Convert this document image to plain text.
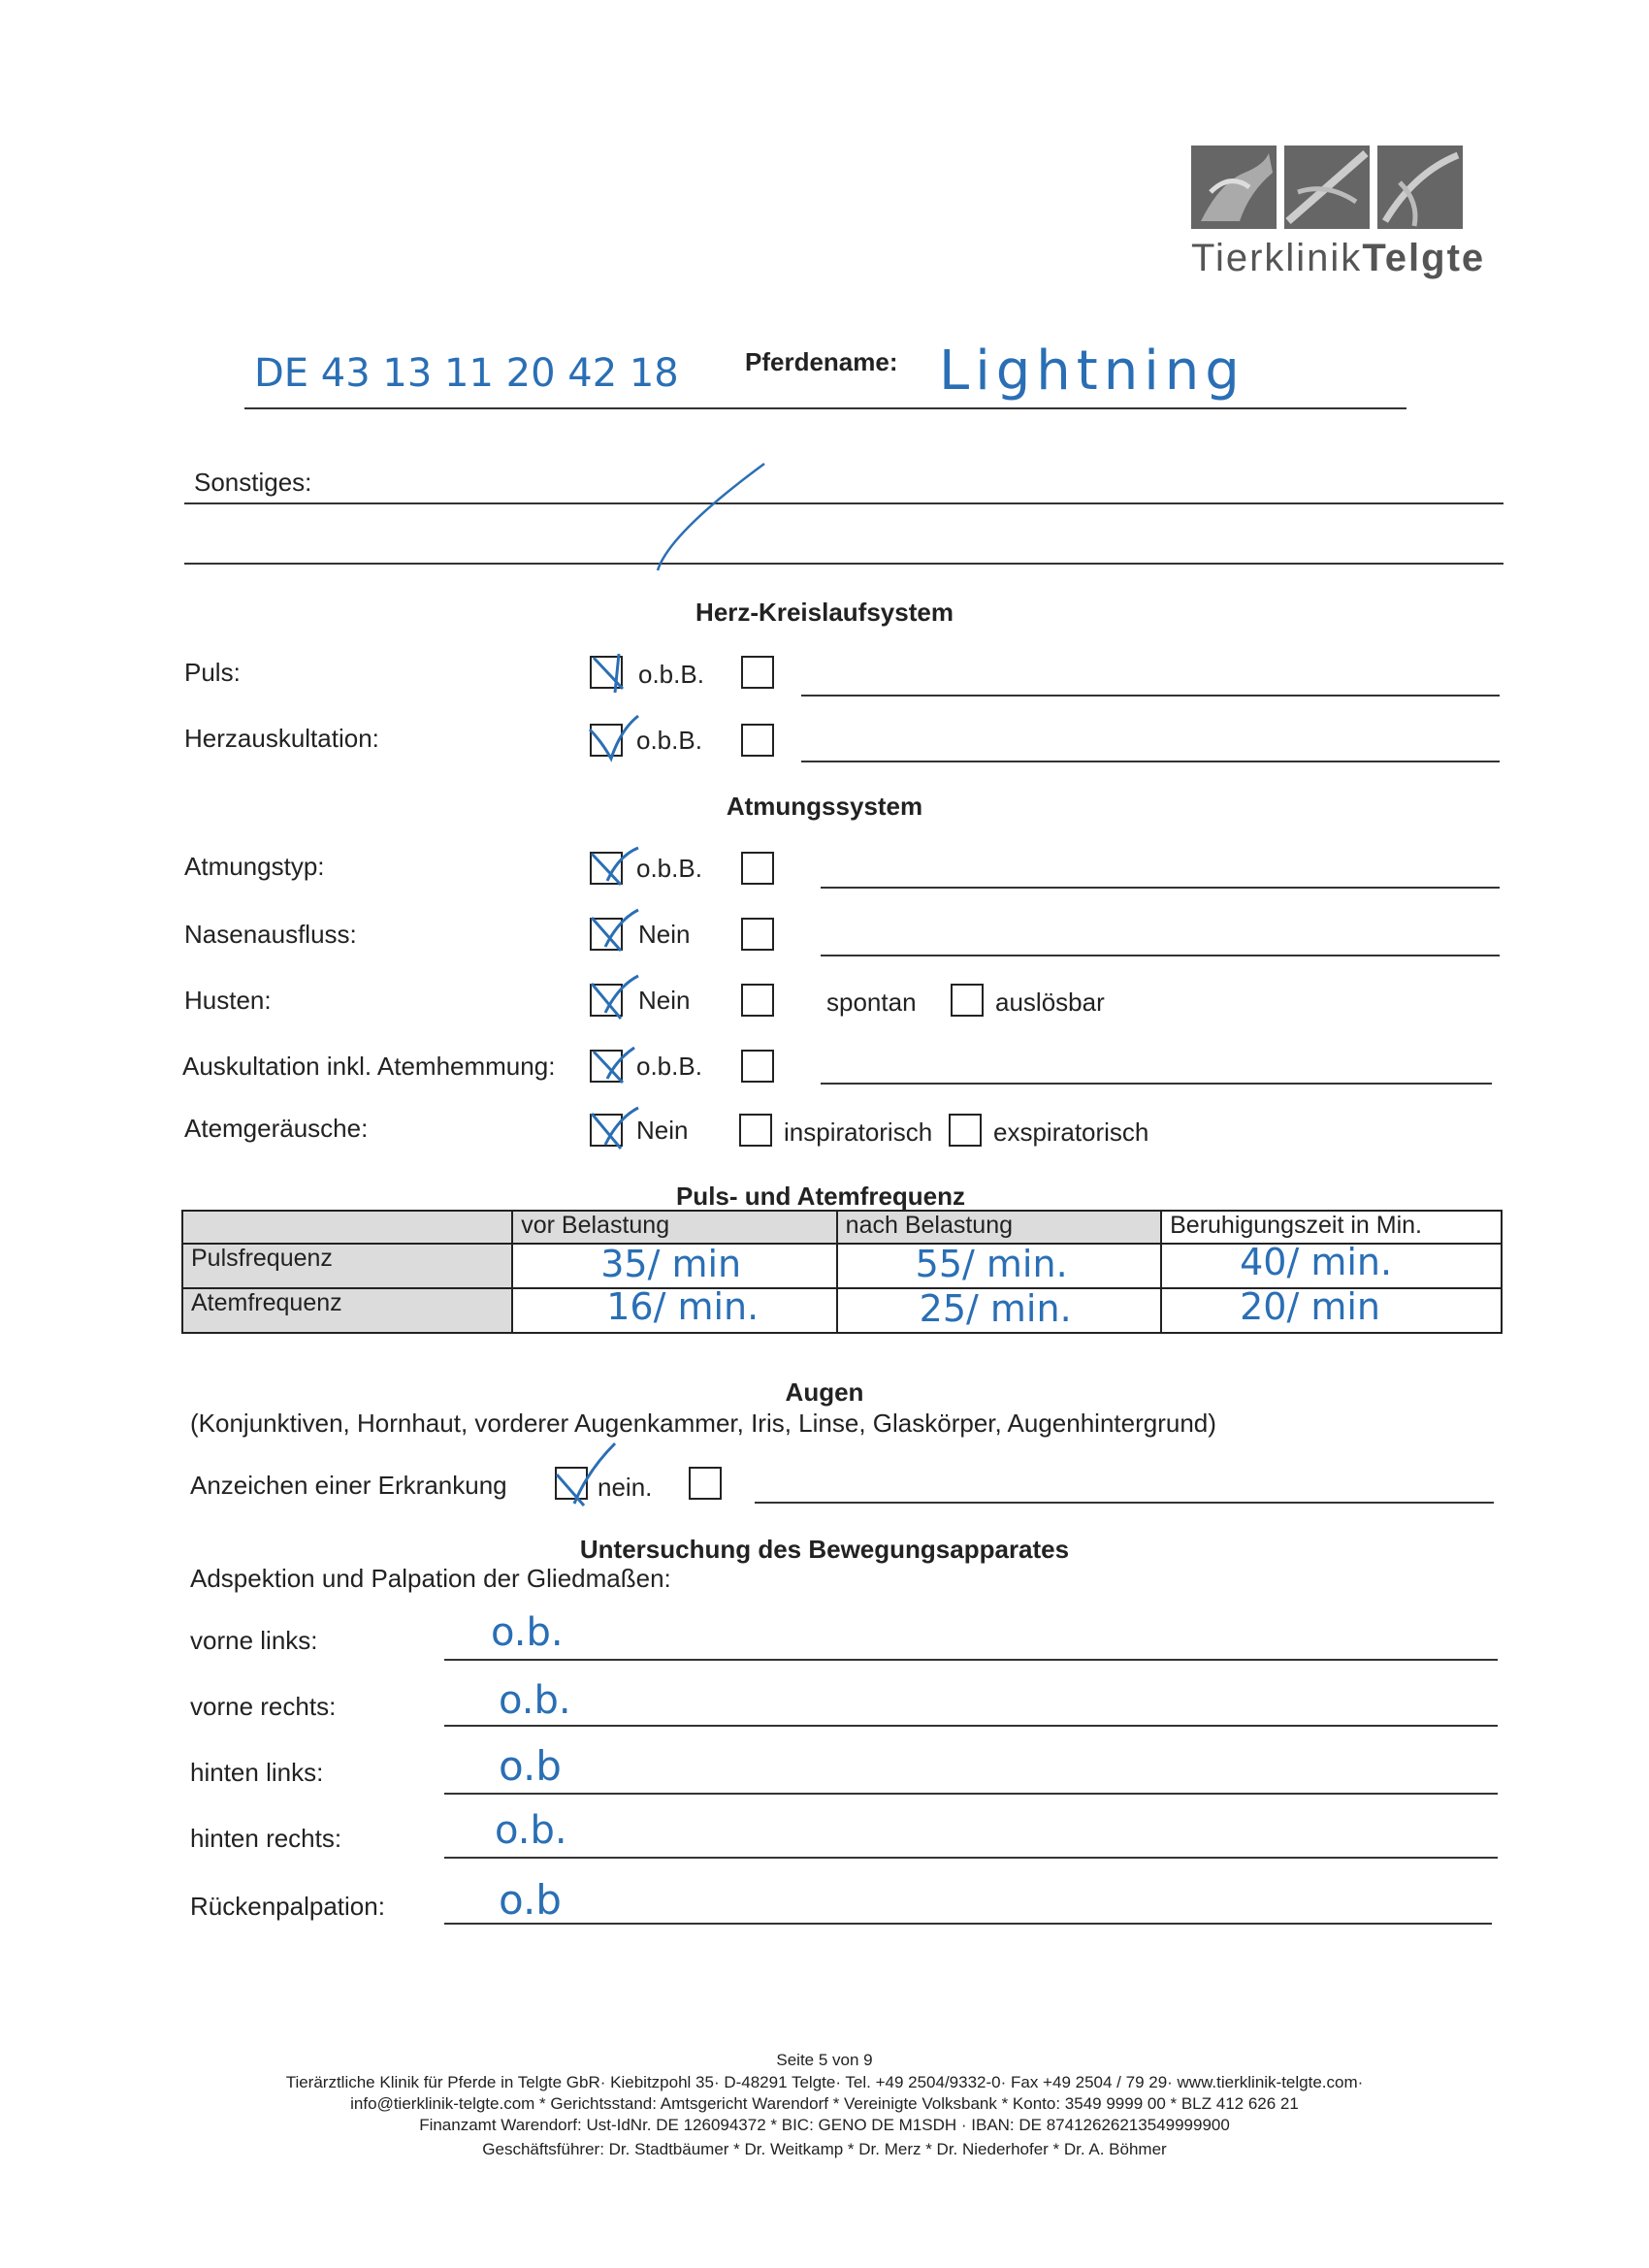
TierklinikTelgte
DE 43 13 11 20 42 18	Pferdename: Lightning
Sonstiges:
Herz-Kreislaufsystem
Puls:	o.b.B.
Herzauskultation:	o.b.B.
Atmungssystem
Atmungstyp:	o.b.B.
Nasenausfluss:	Nein
Husten:	Nein	spontan	auslösbar
Auskultation inkl. Atemhemmung:	o.b.B.
Atemgeräusche:	Nein	inspiratorisch exspiratorisch
Puls- und Atemfrequenz
	vor Belastung	nach Belastung	Beruhigungszeit in Min.
Pulsfrequenz	35/ min	55/ min.	40/ min.

Atemfrequenz	16/ min.	25/ min.	20/ min
Augen
(Konjunktiven, Hornhaut, vorderer Augenkammer, Iris, Linse, Glaskörper, Augenhintergrund)
Anzeichen einer Erkrankung	nein.
Untersuchung des Bewegungsapparates
Adspektion und Palpation der Gliedmaßen:
vorne links:	o.b.
vorne rechts:	o.b.
hinten links:	o.b
hinten rechts:	o.b.
Rückenpalpation:	o.b
Seite 5 von 9
Tierärztliche Klinik für Pferde in Telgte GbR· Kiebitzpohl 35· D-48291 Telgte· Tel. +49 2504/9332-0· Fax +49 2504 / 79 29· www.tierklinik-telgte.com·
info@tierklinik-telgte.com * Gerichtsstand: Amtsgericht Warendorf * Vereinigte Volksbank * Konto: 3549 9999 00 * BLZ 412 626 21
Finanzamt Warendorf: Ust-IdNr. DE 126094372 * BIC: GENO DE M1SDH · IBAN: DE 87412626213549999900
Geschäftsführer: Dr. Stadtbäumer * Dr. Weitkamp * Dr. Merz * Dr. Niederhofer * Dr. A. Böhmer
